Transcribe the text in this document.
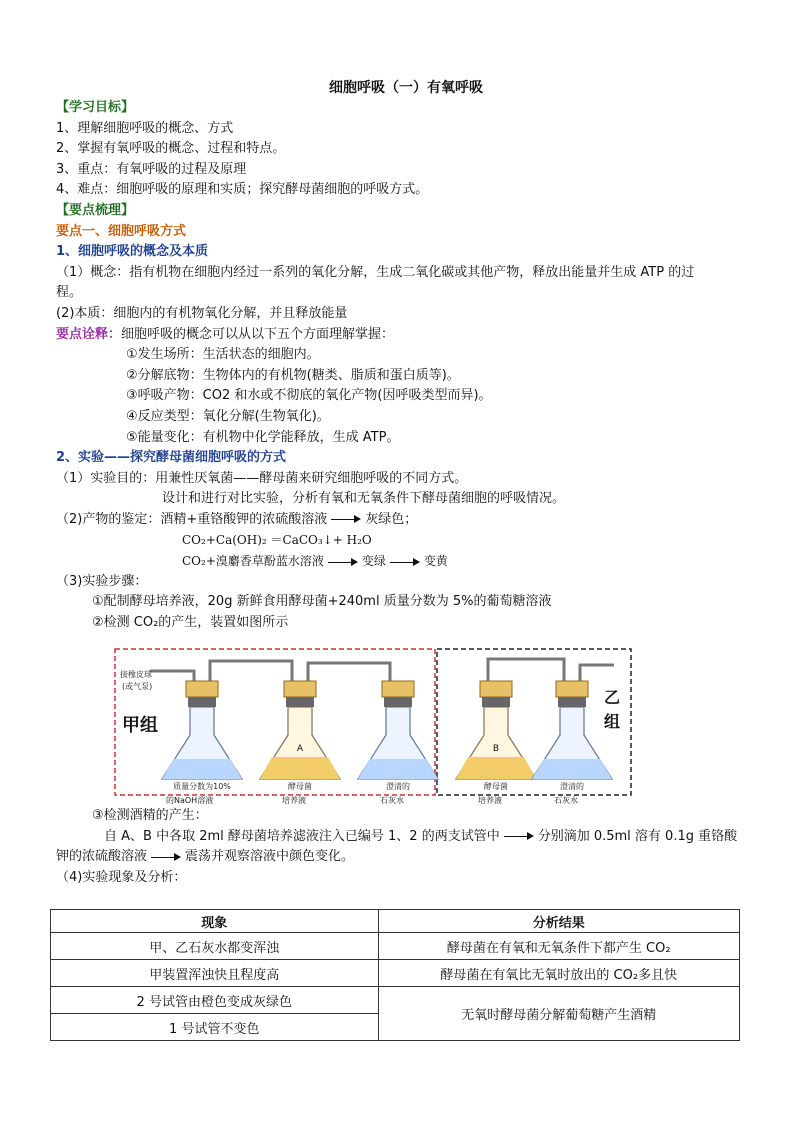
细胞呼吸（一）有氧呼吸
【学习目标】
1、理解细胞呼吸的概念、方式
2、掌握有氧呼吸的概念、过程和特点。
3、重点：有氧呼吸的过程及原理
4、难点：细胞呼吸的原理和实质；探究酵母菌细胞的呼吸方式。
【要点梳理】
要点一、细胞呼吸方式
1、细胞呼吸的概念及本质
（1）概念：指有机物在细胞内经过一系列的氧化分解，生成二氧化碳或其他产物，释放出能量并生成 ATP 的过
程。
(2)本质：细胞内的有机物氧化分解，并且释放能量
要点诠释：细胞呼吸的概念可以从以下五个方面理解掌握：
①发生场所：生活状态的细胞内。
②分解底物：生物体内的有机物(糖类、脂质和蛋白质等)。
③呼吸产物：CO2 和水或不彻底的氧化产物(因呼吸类型而异)。
④反应类型：氧化分解(生物氧化)。
⑤能量变化：有机物中化学能释放，生成 ATP。
2、实验——探究酵母菌细胞呼吸的方式
（1）实验目的：用兼性厌氧菌——酵母菌来研究细胞呼吸的不同方式。
设计和进行对比实验，分析有氧和无氧条件下酵母菌细胞的呼吸情况。
（2)产物的鉴定：酒精+重铬酸钾的浓硫酸溶液	灰绿色；
CO₂+Ca(OH)₂ ＝CaCO₃↓+ H₂O
CO₂+溴麝香草酚蓝水溶液	变绿	变黄
（3)实验步骤：
①配制酵母培养液，20g 新鲜食用酵母菌+240ml 质量分数为 5%的葡萄糖溶液
②检测 CO₂的产生，装置如图所示
接橡皮球
(或气泵)
甲组
乙
组
A	B
质量分数为10%	酵母菌	澄清的	酵母菌	澄清的
的NaOH溶液	培养液	石灰水	培养液	石灰水
③检测酒精的产生：
自 A、B 中各取 2ml 酵母菌培养滤液注入已编号 1、2 的两支试管中	分别滴加 0.5ml 溶有 0.1g 重铬酸
钾的浓硫酸溶液	震荡并观察溶液中颜色变化。
（4)实验现象及分析：
现象	分析结果
甲、乙石灰水都变浑浊	酵母菌在有氧和无氧条件下都产生 CO₂
甲装置浑浊快且程度高	酵母菌在有氧比无氧时放出的 CO₂多且快
2 号试管由橙色变成灰绿色	无氧时酵母菌分解葡萄糖产生酒精
1 号试管不变色	
